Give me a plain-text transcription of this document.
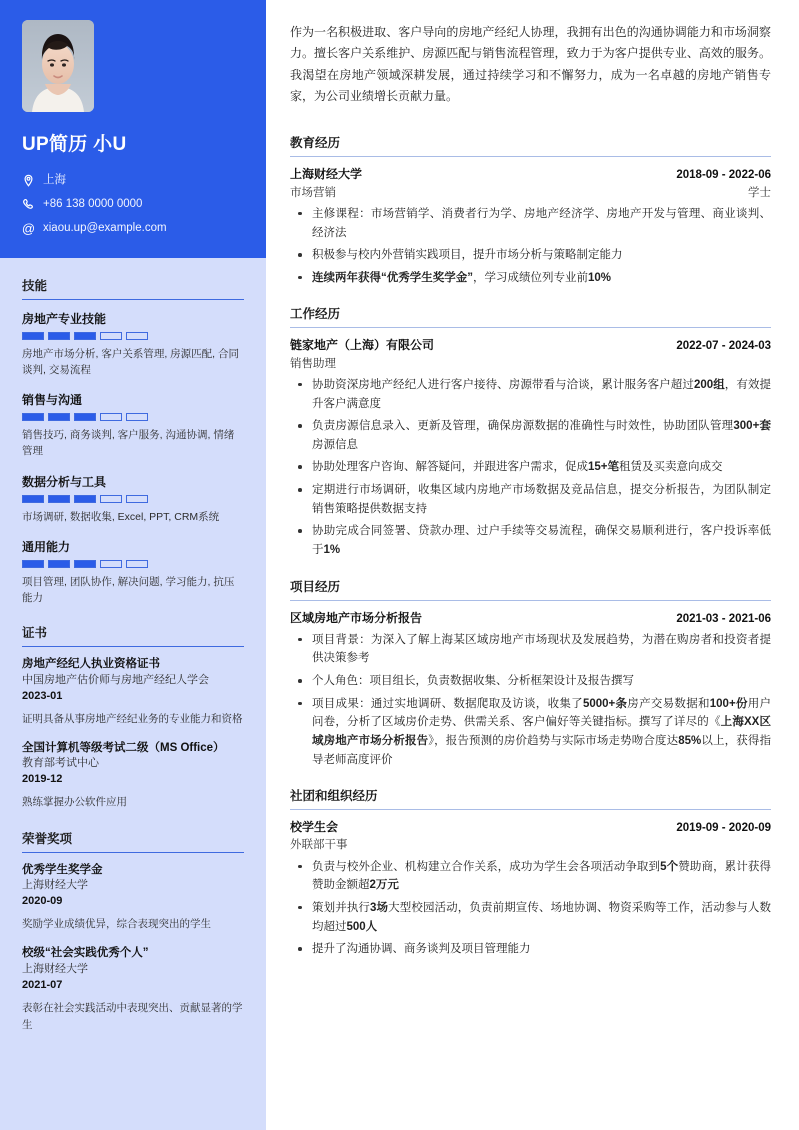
UP简历 小U
上海
+86 138 0000 0000
@ xiaou.up@example.com
技能
房地产专业技能
房地产市场分析, 客户关系管理, 房源匹配, 合同谈判, 交易流程
销售与沟通
销售技巧, 商务谈判, 客户服务, 沟通协调, 情绪管理
数据分析与工具
市场调研, 数据收集, Excel, PPT, CRM系统
通用能力
项目管理, 团队协作, 解决问题, 学习能力, 抗压能力
证书
房地产经纪人执业资格证书
中国房地产估价师与房地产经纪人学会
2023-01
证明具备从事房地产经纪业务的专业能力和资格
全国计算机等级考试二级（MS Office）
教育部考试中心
2019-12
熟练掌握办公软件应用
荣誉奖项
优秀学生奖学金
上海财经大学
2020-09
奖励学业成绩优异，综合表现突出的学生
校级“社会实践优秀个人”
上海财经大学
2021-07
表彰在社会实践活动中表现突出、贡献显著的学生

作为一名积极进取、客户导向的房地产经纪人协理，我拥有出色的沟通协调能力和市场洞察力。擅长客户关系维护、房源匹配与销售流程管理，致力于为客户提供专业、高效的服务。我渴望在房地产领域深耕发展，通过持续学习和不懈努力，成为一名卓越的房地产销售专家，为公司业绩增长贡献力量。

教育经历
上海财经大学	2018-09 - 2022-06
市场营销	学士
主修课程：市场营销学、消费者行为学、房地产经济学、房地产开发与管理、商业谈判、经济法
积极参与校内外营销实践项目，提升市场分析与策略制定能力
连续两年获得“优秀学生奖学金”，学习成绩位列专业前10%
工作经历
链家地产（上海）有限公司	2022-07 - 2024-03
销售助理
协助资深房地产经纪人进行客户接待、房源带看与洽谈，累计服务客户超过200组，有效提升客户满意度
负责房源信息录入、更新及管理，确保房源数据的准确性与时效性，协助团队管理300+套房源信息
协助处理客户咨询、解答疑问，并跟进客户需求，促成15+笔租赁及买卖意向成交
定期进行市场调研，收集区域内房地产市场数据及竞品信息，提交分析报告，为团队制定销售策略提供数据支持
协助完成合同签署、贷款办理、过户手续等交易流程，确保交易顺利进行，客户投诉率低于1%
项目经历
区域房地产市场分析报告	2021-03 - 2021-06
项目背景：为深入了解上海某区域房地产市场现状及发展趋势，为潜在购房者和投资者提供决策参考
个人角色：项目组长，负责数据收集、分析框架设计及报告撰写
项目成果：通过实地调研、数据爬取及访谈，收集了5000+条房产交易数据和100+份用户问卷，分析了区域房价走势、供需关系、客户偏好等关键指标。撰写了详尽的《上海XX区域房地产市场分析报告》，报告预测的房价趋势与实际市场走势吻合度达85%以上，获得指导老师高度评价
社团和组织经历
校学生会	2019-09 - 2020-09
外联部干事
负责与校外企业、机构建立合作关系，成功为学生会各项活动争取到5个赞助商，累计获得赞助金额超2万元
策划并执行3场大型校园活动，负责前期宣传、场地协调、物资采购等工作，活动参与人数均超过500人
提升了沟通协调、商务谈判及项目管理能力
